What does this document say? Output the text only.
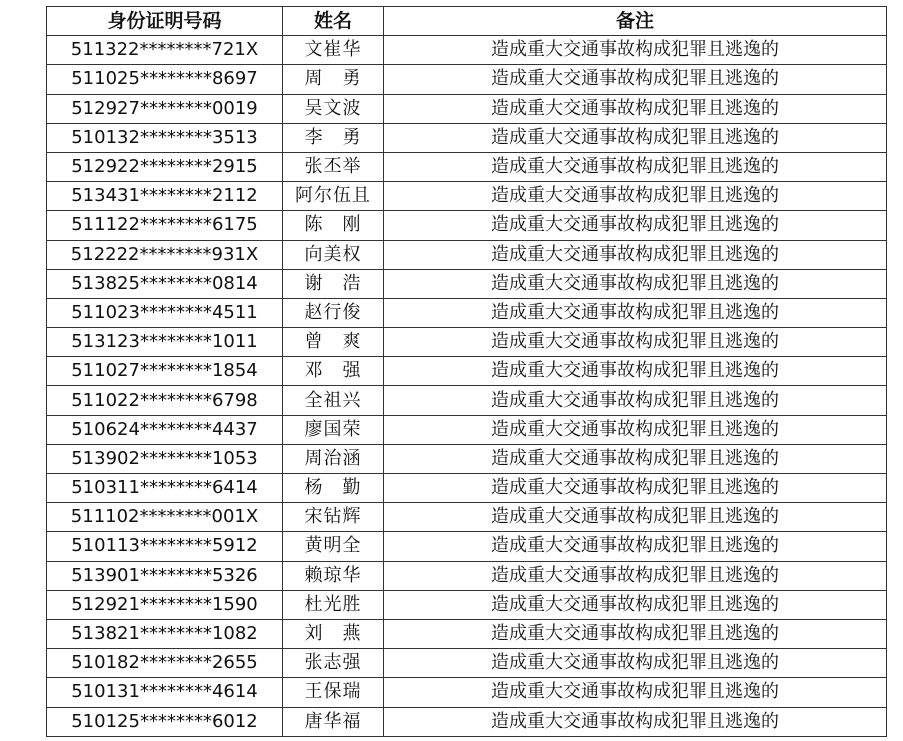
身份证明号码	姓名	备注
511322********721X	文崔华	造成重大交通事故构成犯罪且逃逸的
511025********8697	周　勇	造成重大交通事故构成犯罪且逃逸的
512927********0019	吴文波	造成重大交通事故构成犯罪且逃逸的
510132********3513	李　勇	造成重大交通事故构成犯罪且逃逸的
512922********2915	张丕举	造成重大交通事故构成犯罪且逃逸的
513431********2112	阿尔伍且	造成重大交通事故构成犯罪且逃逸的
511122********6175	陈　刚	造成重大交通事故构成犯罪且逃逸的
512222********931X	向美权	造成重大交通事故构成犯罪且逃逸的
513825********0814	谢　浩	造成重大交通事故构成犯罪且逃逸的
511023********4511	赵行俊	造成重大交通事故构成犯罪且逃逸的
513123********1011	曾　爽	造成重大交通事故构成犯罪且逃逸的
511027********1854	邓　强	造成重大交通事故构成犯罪且逃逸的
511022********6798	全祖兴	造成重大交通事故构成犯罪且逃逸的
510624********4437	廖国荣	造成重大交通事故构成犯罪且逃逸的
513902********1053	周治涵	造成重大交通事故构成犯罪且逃逸的
510311********6414	杨　勤	造成重大交通事故构成犯罪且逃逸的
511102********001X	宋钻辉	造成重大交通事故构成犯罪且逃逸的
510113********5912	黄明全	造成重大交通事故构成犯罪且逃逸的
513901********5326	赖琼华	造成重大交通事故构成犯罪且逃逸的
512921********1590	杜光胜	造成重大交通事故构成犯罪且逃逸的
513821********1082	刘　燕	造成重大交通事故构成犯罪且逃逸的
510182********2655	张志强	造成重大交通事故构成犯罪且逃逸的
510131********4614	王保瑞	造成重大交通事故构成犯罪且逃逸的
510125********6012	唐华福	造成重大交通事故构成犯罪且逃逸的
